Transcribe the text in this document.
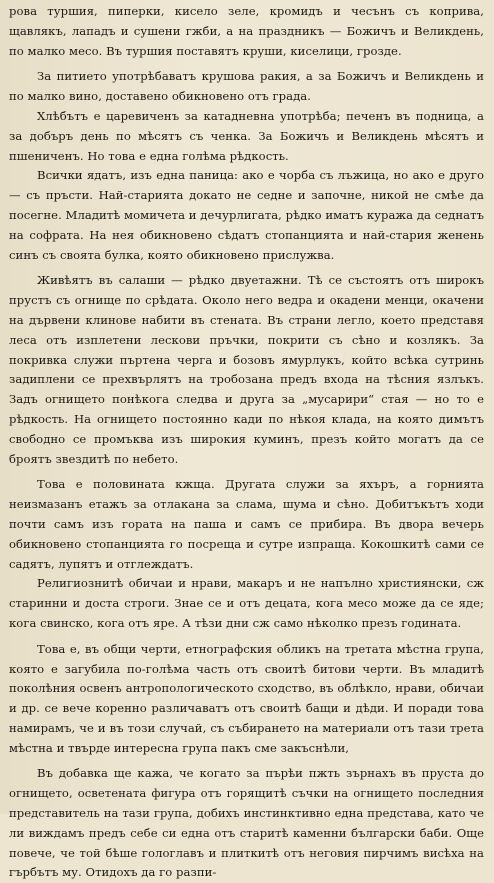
рова туршия, пиперки, кисело зеле, кромидъ и чесънъ съ коприва, щавлякъ, лападъ и сушени гжби, а на праздникъ — Божичъ и Великдень, по малко месо. Въ туршия поставятъ круши, киселици, грозде.

За питието употрѣбаватъ крушова ракия, а за Божичъ и Великдень и по малко вино, доставено обикновено отъ града.

Хлѣбътъ е царевиченъ за катадневна употрѣба; печенъ въ подница, а за добъръ день по мѣсятъ съ ченка. За Божичъ и Великдень мѣсятъ и пшениченъ. Но това е една голѣма рѣдкость.

Всички ядатъ, изъ една паница: ако е чорба съ лъжица, но ако е друго — съ пръсти. Най-старията докато не седне и започне, никой не смѣе да посегне. Младитѣ момичета и дечурлигата, рѣдко иматъ куража да седнатъ на софрата. На нея обикновено сѣдатъ стопанцията и най-стария женень синъ съ своята булка, която обикновено прислужва.

Живѣятъ въ салаши — рѣдко двуетажни. Тѣ се състоятъ отъ широкъ прустъ съ огнище по срѣдата. Около него ведра и окадени менци, окачени на дървени клинове набити въ стената. Въ страни легло, което представя леса отъ изплетени лескови пръчки, покрити съ сѣно и козлякъ. За покривка служи пъртена черга и бозовъ ямурлукъ, който всѣка сутринь задиплени се прехвърлятъ на тробозана предъ входа на тѣсния язлъкъ. Задъ огнището понѣкога следва и друга за „мусарири“ стая — но то е рѣдкость. На огнището постоянно кади по нѣкоя клада, на която димътъ свободно се промъква изъ широкия куминъ, презъ който могатъ да се броятъ звездитѣ по небето.

Това е половината кжща. Другата служи за яхъръ, а горнията неизмазанъ етажъ за отлакана за слама, шума и сѣно. Добитъкътъ ходи почти самъ изъ гората на паша и самъ се прибира. Въ двора вечерь обикновено стопанцията го посреща и сутре изпраща. Кокошкитѣ сами се садятъ, лупятъ и отглеждатъ.

Религиознитѣ обичаи и нрави, макаръ и не напълно християнски, сж старинни и доста строги. Знае се и отъ децата, кога месо може да се яде; кога свинско, кога отъ яре. А тѣзи дни сж само нѣколко презъ годината.

Това е, въ общи черти, етнографския обликъ на третата мѣстна група, която е загубила по-голѣма часть отъ своитѣ битови черти. Въ младитѣ поколѣния освенъ антропологическото сходство, въ облѣкло, нрави, обичаи и др. се вече коренно различаватъ отъ своитѣ бащи и дѣди. И поради това намирамъ, че и въ този случай, съ събирането на материали отъ тази трета мѣстна и твърде интересна група пакъ сме закъснѣли,

Въ добавка ще кажа, че когато за пърѣи пжть зърнахъ въ пруста до огнището, осветената фигура отъ горящитѣ съчки на огнището последния представитель на тази група, добихъ инстинктивно една представа, като че ли виждамъ предъ себе си една отъ старитѣ каменни български баби. Още повече, че той бѣше гологлавъ и плиткитѣ отъ неговия пирчимъ висѣха на гърбътъ му. Отидохъ да го разпи-
